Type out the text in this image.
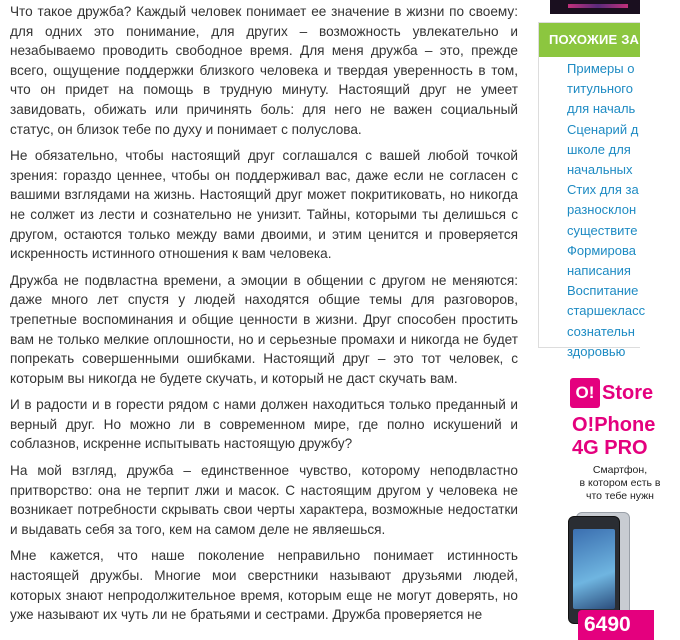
Что такое дружба? Каждый человек понимает ее значение в жизни по своему: для одних это понимание, для других – возможность увлекательно и незабываемо проводить свободное время. Для меня дружба – это, прежде всего, ощущение поддержки близкого человека и твердая уверенность в том, что он придет на помощь в трудную минуту. Настоящий друг не умеет завидовать, обижать или причинять боль: для него не важен социальный статус, он близок тебе по духу и понимает с полуслова.

Не обязательно, чтобы настоящий друг соглашался с вашей любой точкой зрения: гораздо ценнее, чтобы он поддерживал вас, даже если не согласен с вашими взглядами на жизнь. Настоящий друг может покритиковать, но никогда не солжет из лести и сознательно не унизит. Тайны, которыми ты делишься с другом, остаются только между вами двоими, и этим ценится и проверяется искренность истинного отношения к вам человека.

Дружба не подвластна времени, а эмоции в общении с другом не меняются: даже много лет спустя у людей находятся общие темы для разговоров, трепетные воспоминания и общие ценности в жизни. Друг способен простить вам не только мелкие оплошности, но и серьезные промахи и никогда не будет попрекать совершенными ошибками. Настоящий друг – это тот человек, с которым вы никогда не будете скучать, и который не даст скучать вам.

И в радости и в горести рядом с нами должен находиться только преданный и верный друг. Но можно ли в современном мире, где полно искушений и соблазнов, искренне испытывать настоящую дружбу?

На мой взгляд, дружба – единственное чувство, которому неподвластно притворство: она не терпит лжи и масок. С настоящим другом у человека не возникает потребности скрывать свои черты характера, возможные недостатки и выдавать себя за того, кем на самом деле не являешься.

Мне кажется, что наше поколение неправильно понимает истинность настоящей дружбы. Многие мои сверстники называют друзьями людей, которых знают непродолжительное время, которым еще не могут доверять, но уже называют их чуть ли не братьями и сестрами. Дружба проверяется не

ПОХОЖИЕ ЗА
Примеры о
титульного
для началь
Сценарий д
школе для
начальных
Стих для за
разносклон
существите
Формирова
написания
Воспитание
старшекласс
сознательн
здоровью
О! Store
O!Phone
4G PRO
Смартфон,
в котором есть в
что тебе нужн
6490
